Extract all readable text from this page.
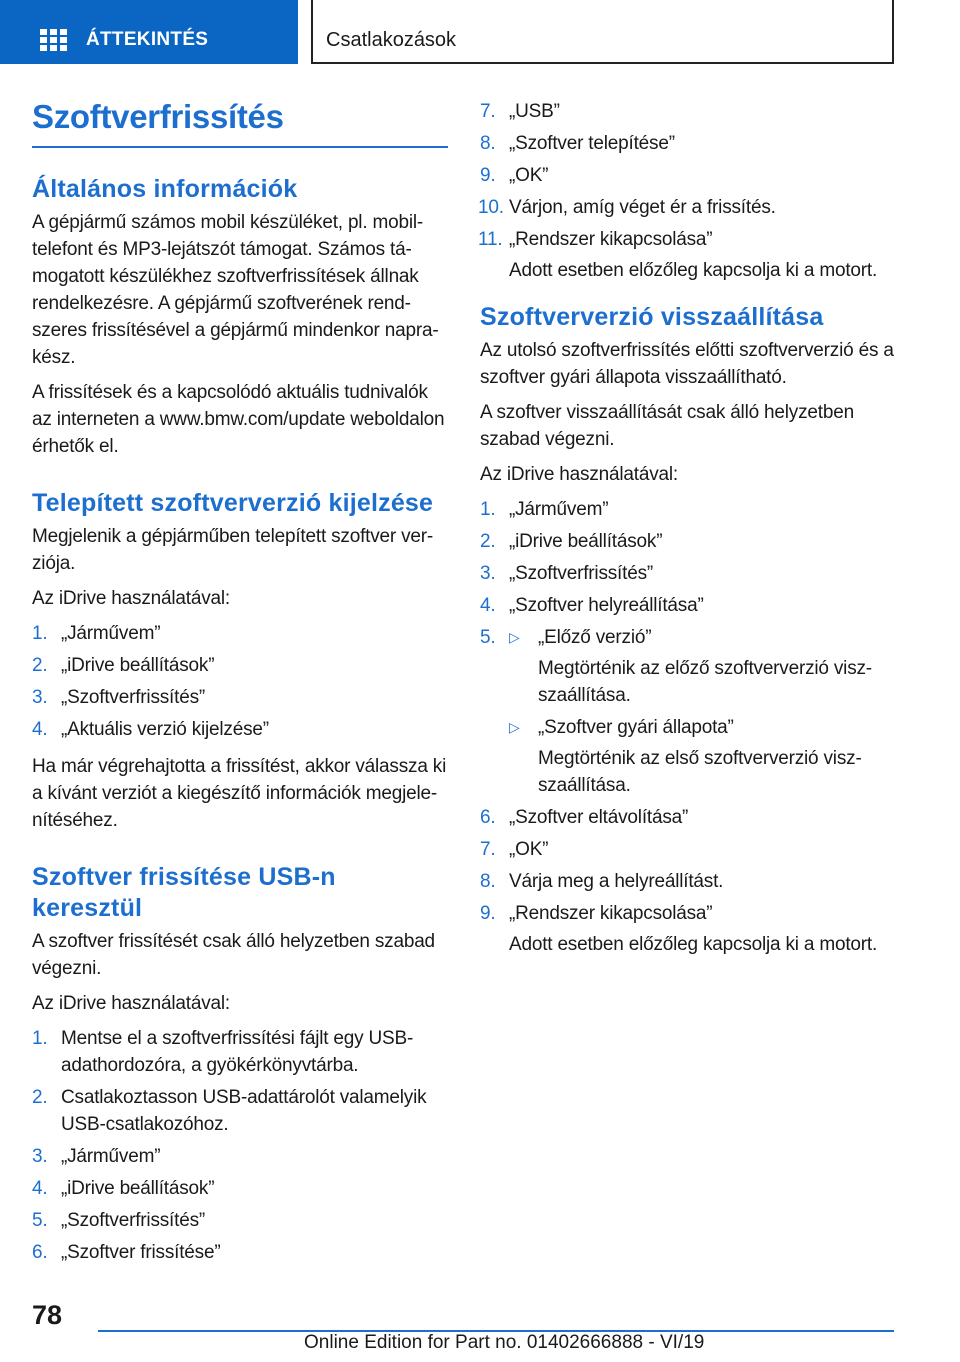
ÁTTEKINTÉS	Csatlakozások
Szoftverfrissítés
Általános információk

A gépjármű számos mobil készüléket, pl. mobiltelefont és MP3-lejátszót támogat. Számos támogatott készülékhez szoftverfrissítések állnak rendelkezésre. A gépjármű szoftverének rendszeres frissítésével a gépjármű mindenkor naprakész.

A frissítések és a kapcsolódó aktuális tudnivalók az interneten a www.bmw.com/update weboldalon érhetők el.

Telepített szoftververzió kijelzése

Megjelenik a gépjárműben telepített szoftver verziója.

Az iDrive használatával:

1. „Járművem”
2. „iDrive beállítások”
3. „Szoftverfrissítés”
4. „Aktuális verzió kijelzése”

Ha már végrehajtotta a frissítést, akkor válassza ki a kívánt verziót a kiegészítő információk megjelenítéséhez.

Szoftver frissítése USB-n keresztül

A szoftver frissítését csak álló helyzetben szabad végezni.

Az iDrive használatával:

1. Mentse el a szoftverfrissítési fájlt egy USB-adathordozóra, a gyökérkönyvtárba.
2. Csatlakoztasson USB-adattárolót valamelyik USB-csatlakozóhoz.
3. „Járművem”
4. „iDrive beállítások”
5. „Szoftverfrissítés”
6. „Szoftver frissítése”
7. „USB”
8. „Szoftver telepítése”
9. „OK”
10. Várjon, amíg véget ér a frissítés.
11. „Rendszer kikapcsolása”
Adott esetben előzőleg kapcsolja ki a motort.
Szoftververzió visszaállítása

Az utolsó szoftverfrissítés előtti szoftververzió és a szoftver gyári állapota visszaállítható.

A szoftver visszaállítását csak álló helyzetben szabad végezni.

Az iDrive használatával:

1. „Járművem”
2. „iDrive beállítások”
3. „Szoftverfrissítés”
4. „Szoftver helyreállítása”
5. ▷ „Előző verzió”
Megtörténik az előző szoftververzió viszszaállítása.
▷ „Szoftver gyári állapota”
Megtörténik az első szoftververzió viszszaállítása.
6. „Szoftver eltávolítása”
7. „OK”
8. Várja meg a helyreállítást.
9. „Rendszer kikapcsolása”
Adott esetben előzőleg kapcsolja ki a motort.
78
Online Edition for Part no. 01402666888 - VI/19
